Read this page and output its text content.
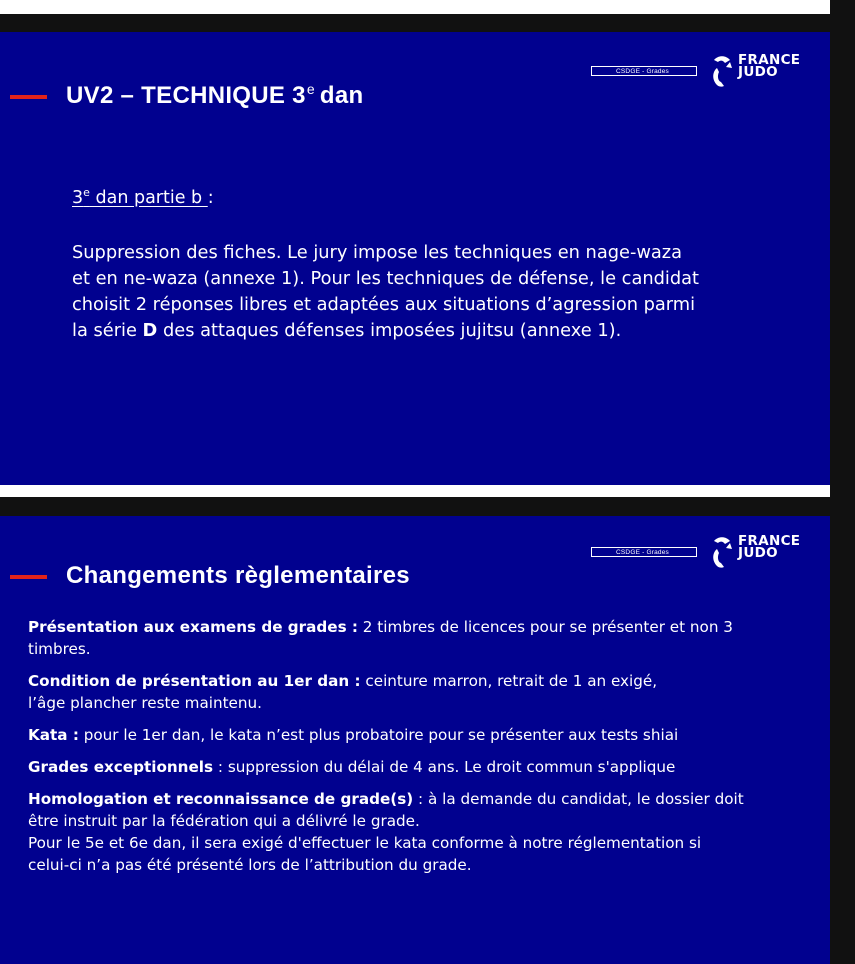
UV2 – TECHNIQUE 3e dan
CSDGE - Grades
FRANCE
JUDO
3e dan partie b :
Suppression des fiches. Le jury impose les techniques en nage-waza
et en ne-waza (annexe 1). Pour les techniques de défense, le candidat
choisit 2 réponses libres et adaptées aux situations d’agression parmi
la série D des attaques défenses imposées jujitsu (annexe 1).
Changements règlementaires
CSDGE - Grades
FRANCE
JUDO
Présentation aux examens de grades : 2 timbres de licences pour se présenter et non 3
timbres.
Condition de présentation au 1er dan : ceinture marron, retrait de 1 an exigé,
l’âge plancher reste maintenu.
Kata : pour le 1er dan, le kata n’est plus probatoire pour se présenter aux tests shiai
Grades exceptionnels : suppression du délai de 4 ans. Le droit commun s'applique
Homologation et reconnaissance de grade(s) : à la demande du candidat, le dossier doit
être instruit par la fédération qui a délivré le grade.
Pour le 5e et 6e dan, il sera exigé d'effectuer le kata conforme à notre réglementation si
celui-ci n’a pas été présenté lors de l’attribution du grade.
